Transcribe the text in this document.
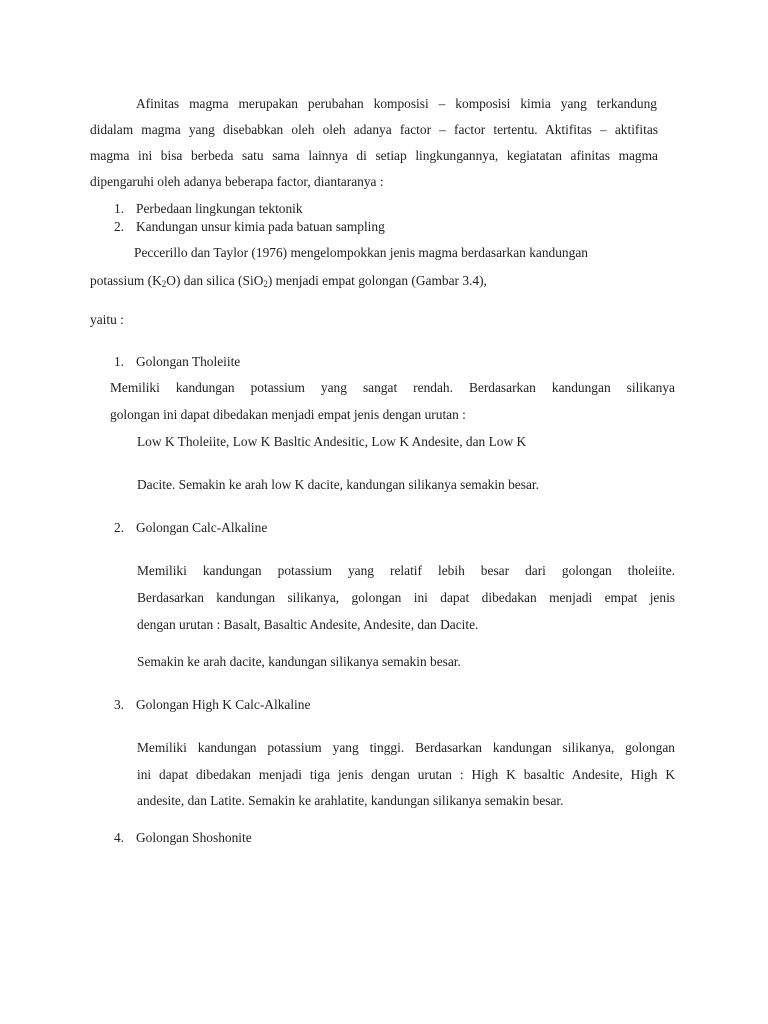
Afinitas magma merupakan perubahan komposisi – komposisi kimia yang terkandung
didalam magma yang disebabkan oleh oleh adanya factor – factor tertentu. Aktifitas – aktifitas
magma ini bisa berbeda satu sama lainnya di setiap lingkungannya, kegiatatan afinitas magma
dipengaruhi oleh adanya beberapa factor, diantaranya :
1. Perbedaan lingkungan tektonik
2. Kandungan unsur kimia pada batuan sampling
Peccerillo dan Taylor (1976) mengelompokkan jenis magma berdasarkan kandungan
potassium $(K_2O)$ dan silica (SiO$_2$) menjadi empat golongan (Gambar 3.4),
yaitu :
1. Golongan Tholeiite
Memiliki kandungan potassium yang sangat rendah. Berdasarkan kandungan silikanya
golongan ini dapat dibedakan menjadi empat jenis dengan urutan :
Low K Tholeiite, Low K Basltic Andesitic, Low K Andesite, dan Low K
Dacite. Semakin ke arah low K dacite, kandungan silikanya semakin besar.
2. Golongan Calc-Alkaline
Memiliki kandungan potassium yang relatif lebih besar dari golongan tholeiite.
Berdasarkan kandungan silikanya, golongan ini dapat dibedakan menjadi empat jenis
dengan urutan : Basalt, Basaltic Andesite, Andesite, dan Dacite.
Semakin ke arah dacite, kandungan silikanya semakin besar.
3. Golongan High K Calc-Alkaline
Memiliki kandungan potassium yang tinggi. Berdasarkan kandungan silikanya, golongan
ini dapat dibedakan menjadi tiga jenis dengan urutan : High K basaltic Andesite, High K
andesite, dan Latite. Semakin ke arahlatite, kandungan silikanya semakin besar.
4. Golongan Shoshonite
